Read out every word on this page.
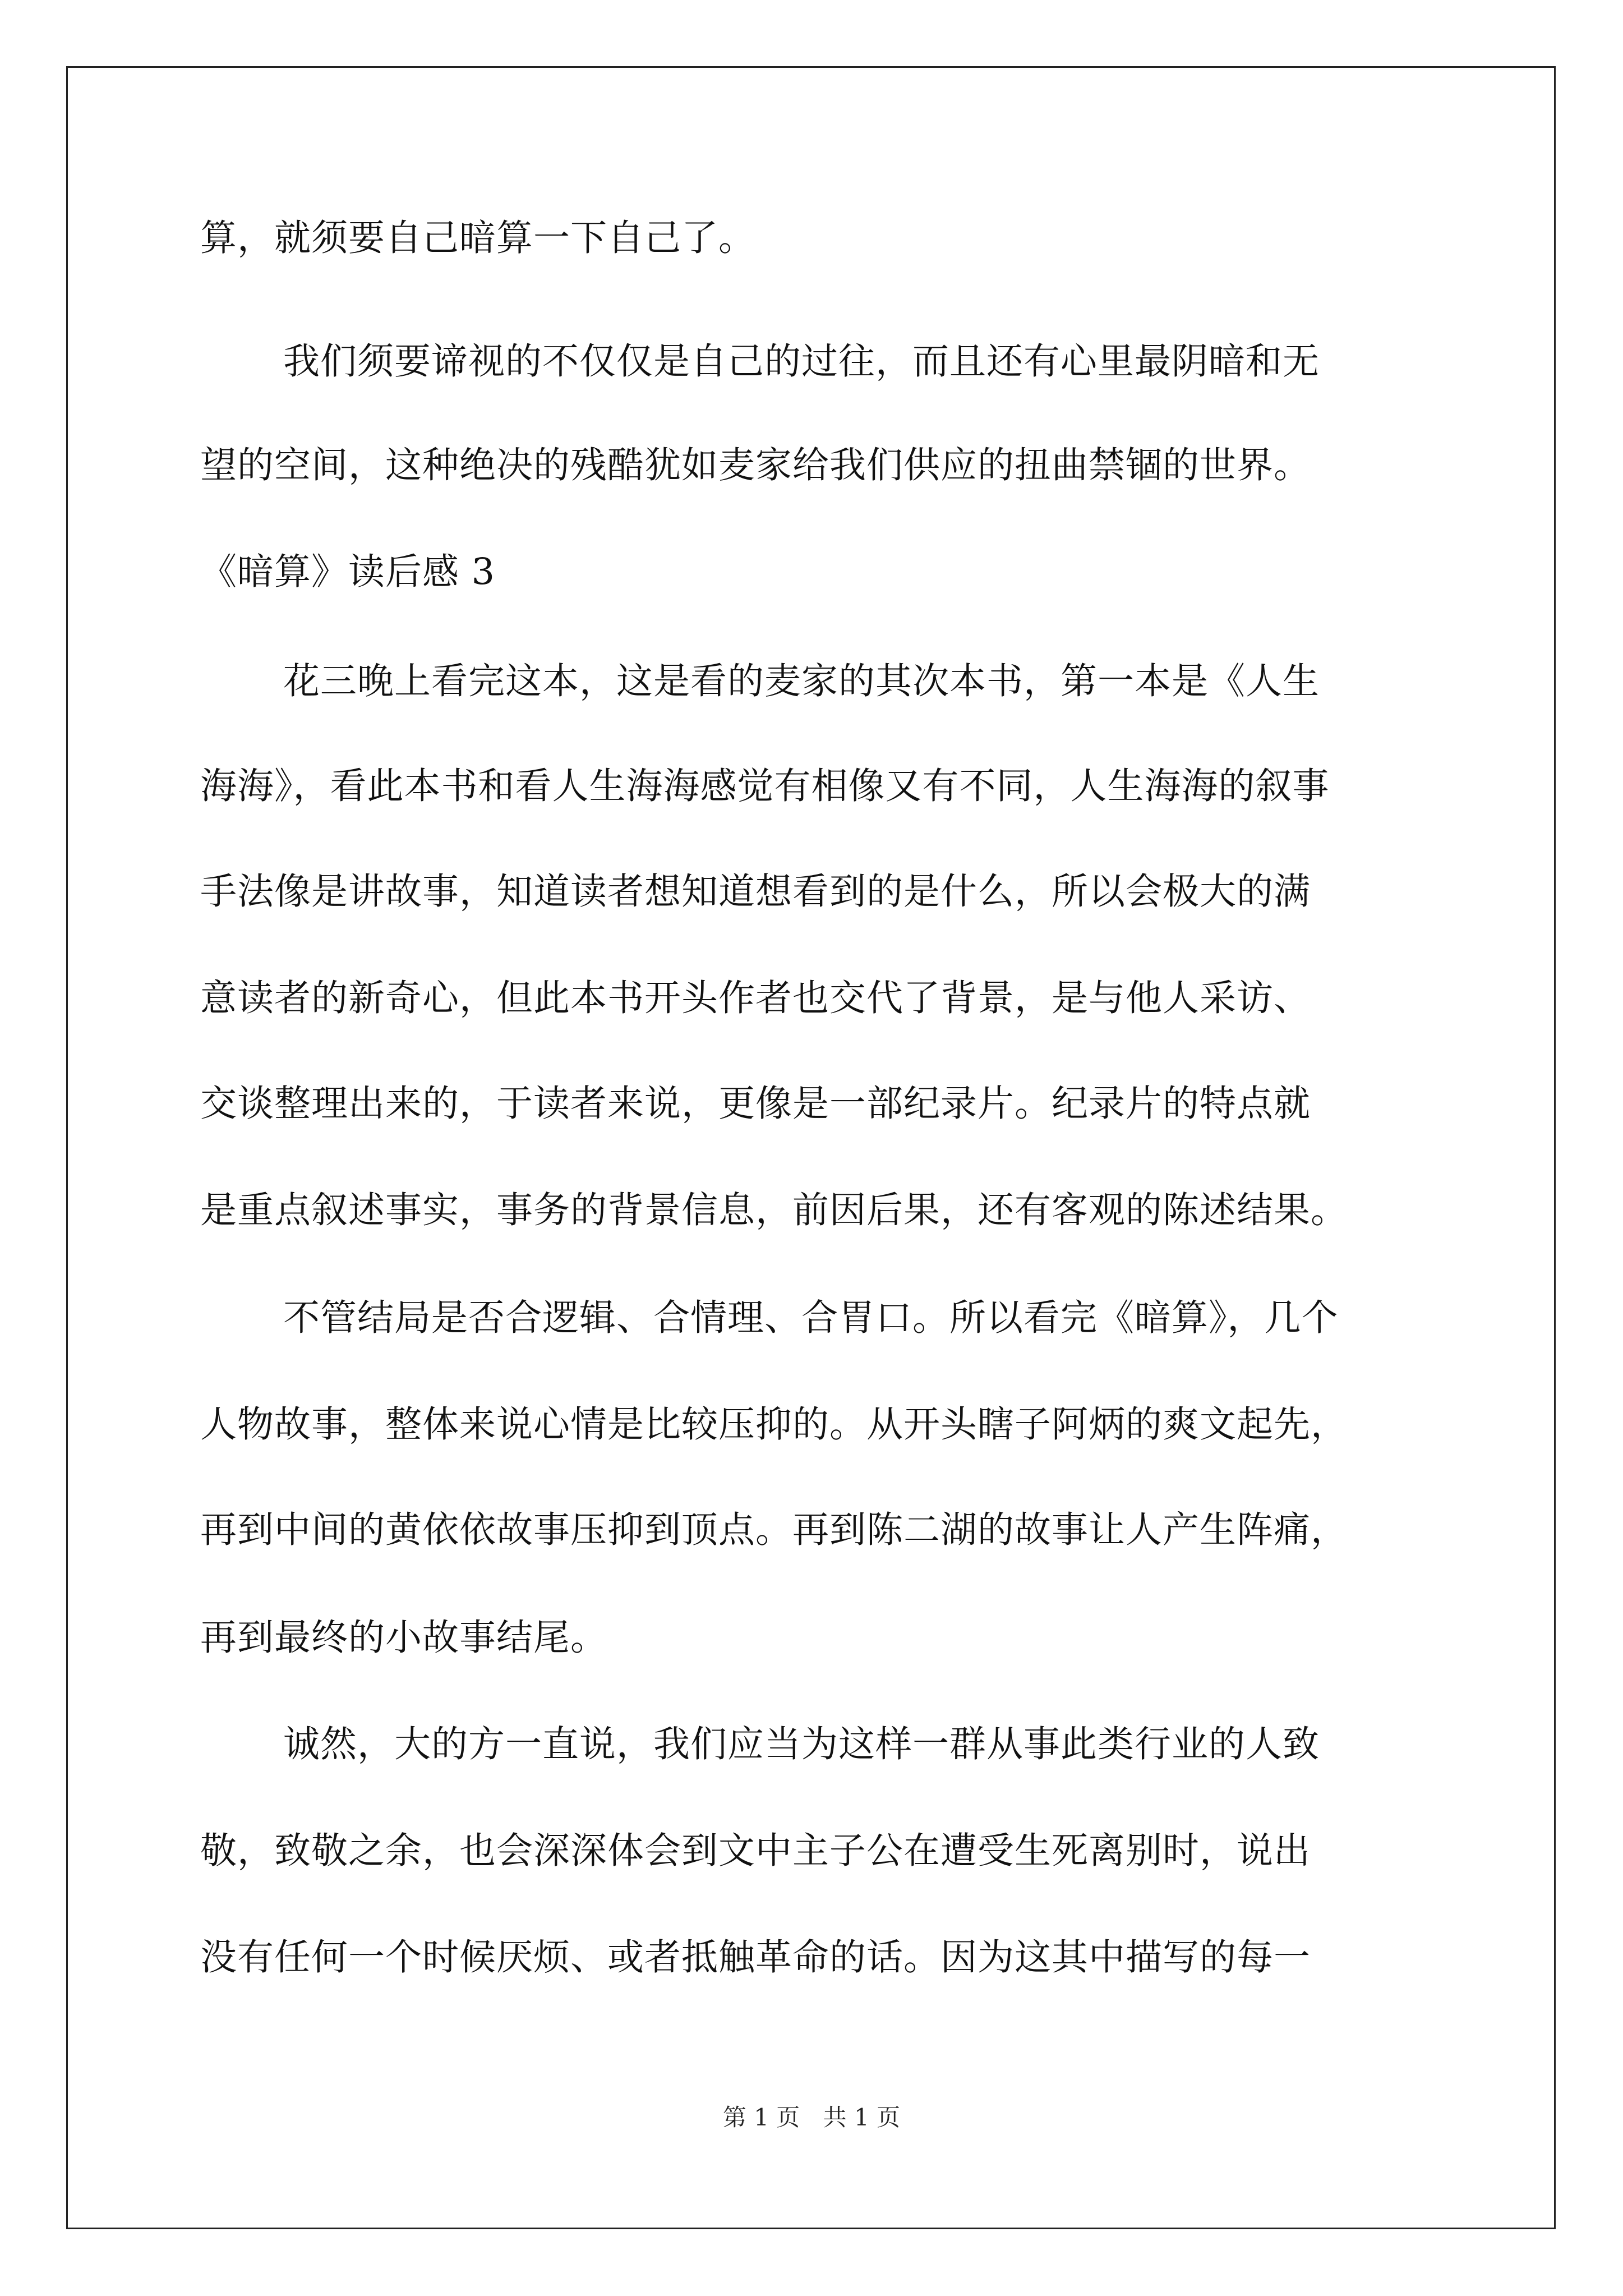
算，就须要自己暗算一下自己了。
我们须要谛视的不仅仅是自己的过往，而且还有心里最阴暗和无
望的空间，这种绝决的残酷犹如麦家给我们供应的扭曲禁锢的世界。
《暗算》读后感 3
花三晚上看完这本，这是看的麦家的其次本书，第一本是《人生
海海》，看此本书和看人生海海感觉有相像又有不同，人生海海的叙事
手法像是讲故事，知道读者想知道想看到的是什么，所以会极大的满
意读者的新奇心，但此本书开头作者也交代了背景，是与他人采访、
交谈整理出来的，于读者来说，更像是一部纪录片。纪录片的特点就
是重点叙述事实，事务的背景信息，前因后果，还有客观的陈述结果。
不管结局是否合逻辑、合情理、合胃口。所以看完《暗算》，几个
人物故事，整体来说心情是比较压抑的。从开头瞎子阿炳的爽文起先，
再到中间的黄依依故事压抑到顶点。再到陈二湖的故事让人产生阵痛，
再到最终的小故事结尾。
诚然，大的方一直说，我们应当为这样一群从事此类行业的人致
敬，致敬之余，也会深深体会到文中主子公在遭受生死离别时，说出
没有任何一个时候厌烦、或者抵触革命的话。因为这其中描写的每一
第 1 页 共 1 页
